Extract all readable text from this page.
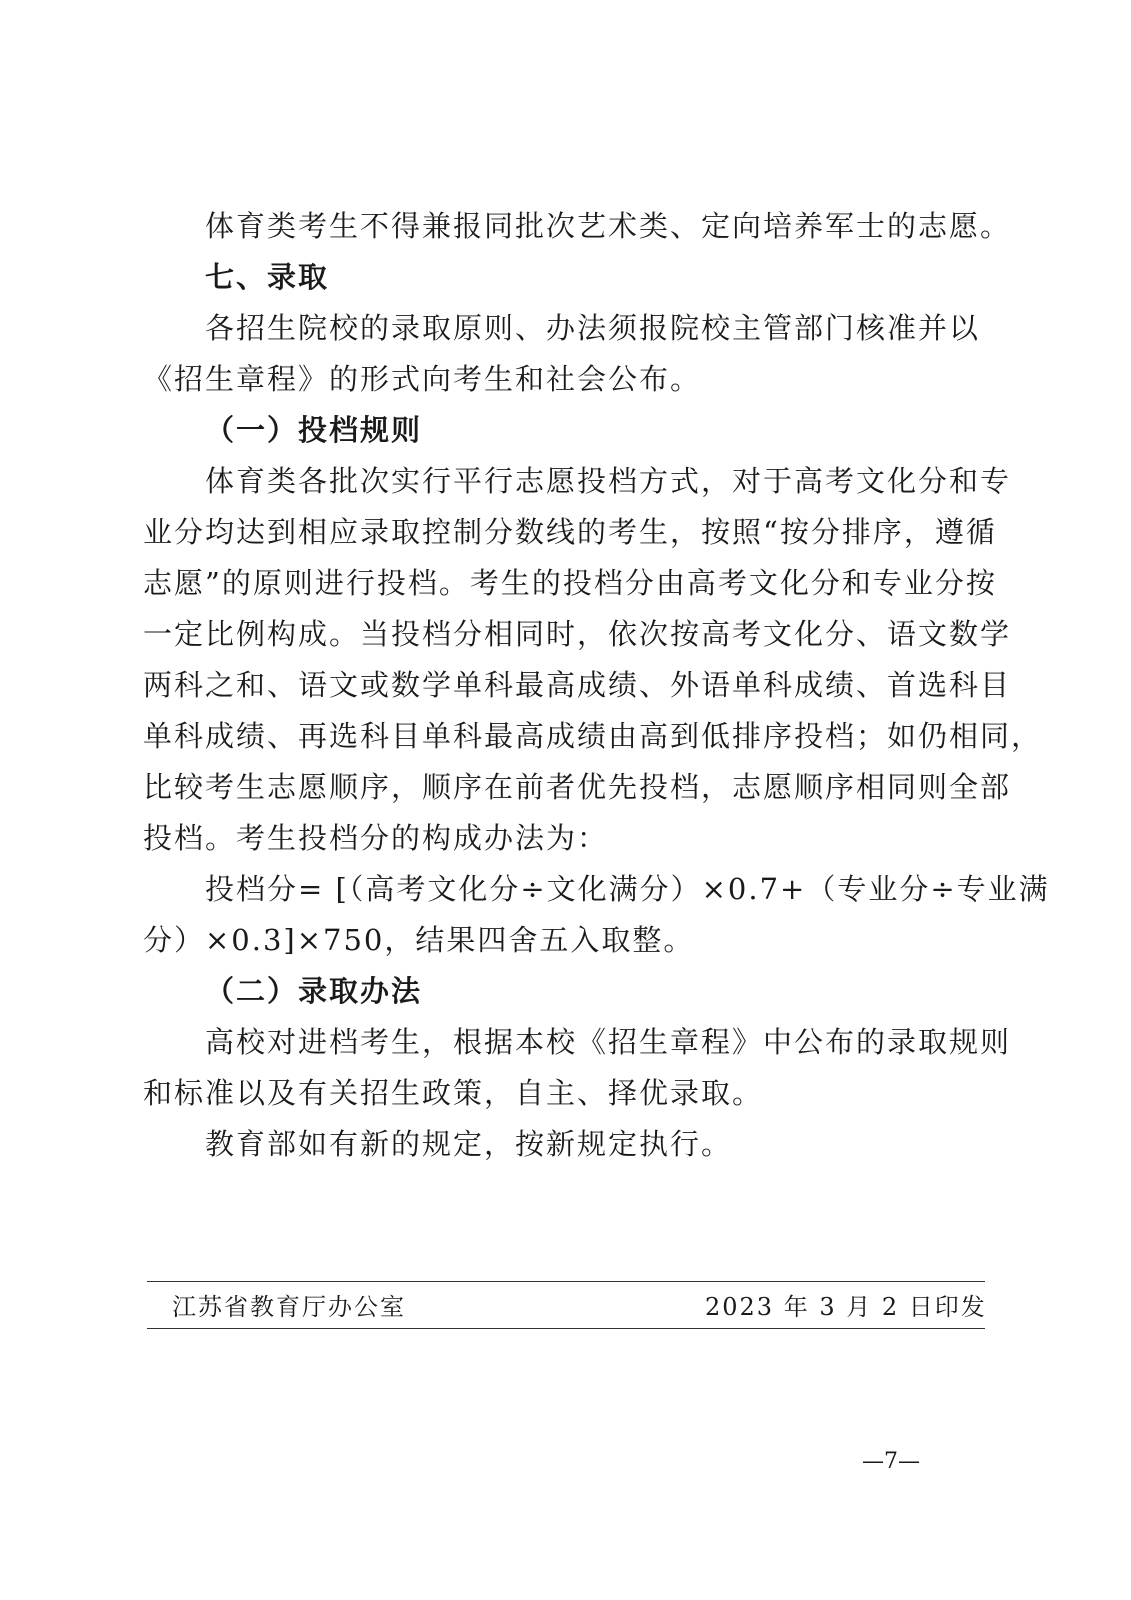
体育类考生不得兼报同批次艺术类、定向培养军士的志愿。
七、录取
各招生院校的录取原则、办法须报院校主管部门核准并以
《招生章程》的形式向考生和社会公布。
（一）投档规则
体育类各批次实行平行志愿投档方式，对于高考文化分和专
业分均达到相应录取控制分数线的考生，按照“按分排序，遵循
志愿”的原则进行投档。考生的投档分由高考文化分和专业分按
一定比例构成。当投档分相同时，依次按高考文化分、语文数学
两科之和、语文或数学单科最高成绩、外语单科成绩、首选科目
单科成绩、再选科目单科最高成绩由高到低排序投档；如仍相同，
比较考生志愿顺序，顺序在前者优先投档，志愿顺序相同则全部
投档。考生投档分的构成办法为：
投档分= [（高考文化分÷文化满分）×0.7+（专业分÷专业满
分）×0.3]×750，结果四舍五入取整。
（二）录取办法
高校对进档考生，根据本校《招生章程》中公布的录取规则
和标准以及有关招生政策，自主、择优录取。
教育部如有新的规定，按新规定执行。
江苏省教育厅办公室	2023 年 3 月 2 日印发
—7—
